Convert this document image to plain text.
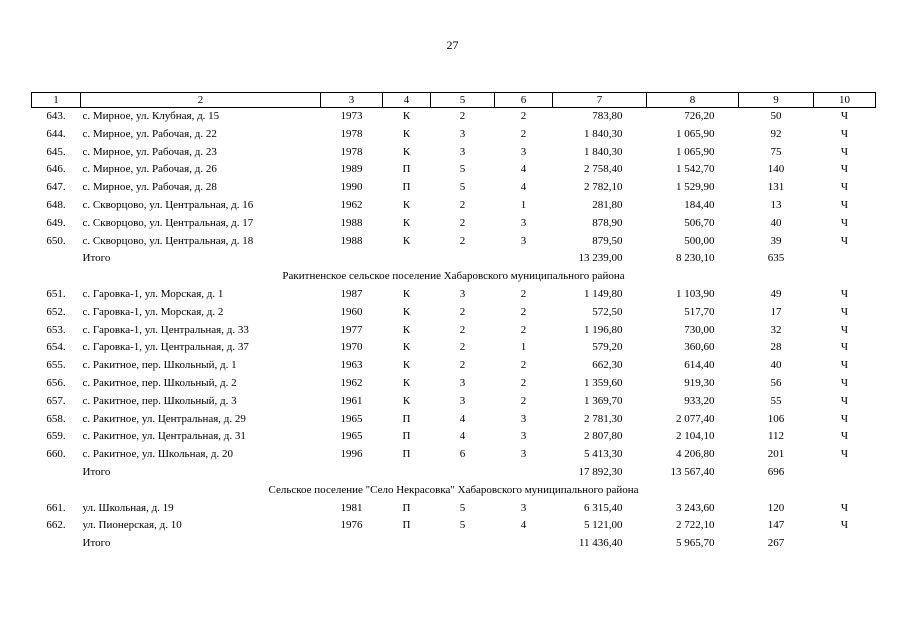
27
1	2	3	4	5	6	7	8	9	10
643.	с. Мирное, ул. Клубная, д. 15	1973	К	2	2	783,80	726,20	50	Ч
644.	с. Мирное, ул. Рабочая, д. 22	1978	К	3	2	1 840,30	1 065,90	92	Ч
645.	с. Мирное, ул. Рабочая, д. 23	1978	К	3	3	1 840,30	1 065,90	75	Ч
646.	с. Мирное, ул. Рабочая, д. 26	1989	П	5	4	2 758,40	1 542,70	140	Ч
647.	с. Мирное, ул. Рабочая, д. 28	1990	П	5	4	2 782,10	1 529,90	131	Ч
648.	с. Скворцово, ул. Центральная, д. 16	1962	К	2	1	281,80	184,40	13	Ч
649.	с. Скворцово, ул. Центральная, д. 17	1988	К	2	3	878,90	506,70	40	Ч
650.	с. Скворцово, ул. Центральная, д. 18	1988	К	2	3	879,50	500,00	39	Ч
	Итого					13 239,00	8 230,10	635	
Ракитненское сельское поселение Хабаровского муниципального района									
651.	с. Гаровка-1, ул. Морская, д. 1	1987	К	3	2	1 149,80	1 103,90	49	Ч
652.	с. Гаровка-1, ул. Морская, д. 2	1960	К	2	2	572,50	517,70	17	Ч
653.	с. Гаровка-1, ул. Центральная, д. 33	1977	К	2	2	1 196,80	730,00	32	Ч
654.	с. Гаровка-1, ул. Центральная, д. 37	1970	К	2	1	579,20	360,60	28	Ч
655.	с. Ракитное, пер. Школьный, д. 1	1963	К	2	2	662,30	614,40	40	Ч
656.	с. Ракитное, пер. Школьный, д. 2	1962	К	3	2	1 359,60	919,30	56	Ч
657.	с. Ракитное, пер. Школьный, д. 3	1961	К	3	2	1 369,70	933,20	55	Ч
658.	с. Ракитное, ул. Центральная, д. 29	1965	П	4	3	2 781,30	2 077,40	106	Ч
659.	с. Ракитное, ул. Центральная, д. 31	1965	П	4	3	2 807,80	2 104,10	112	Ч
660.	с. Ракитное, ул. Школьная, д. 20	1996	П	6	3	5 413,30	4 206,80	201	Ч
	Итого					17 892,30	13 567,40	696	
Сельское поселение "Село Некрасовка" Хабаровского муниципального района									
661.	ул. Школьная, д. 19	1981	П	5	3	6 315,40	3 243,60	120	Ч
662.	ул. Пионерская, д. 10	1976	П	5	4	5 121,00	2 722,10	147	Ч
	Итого					11 436,40	5 965,70	267	
